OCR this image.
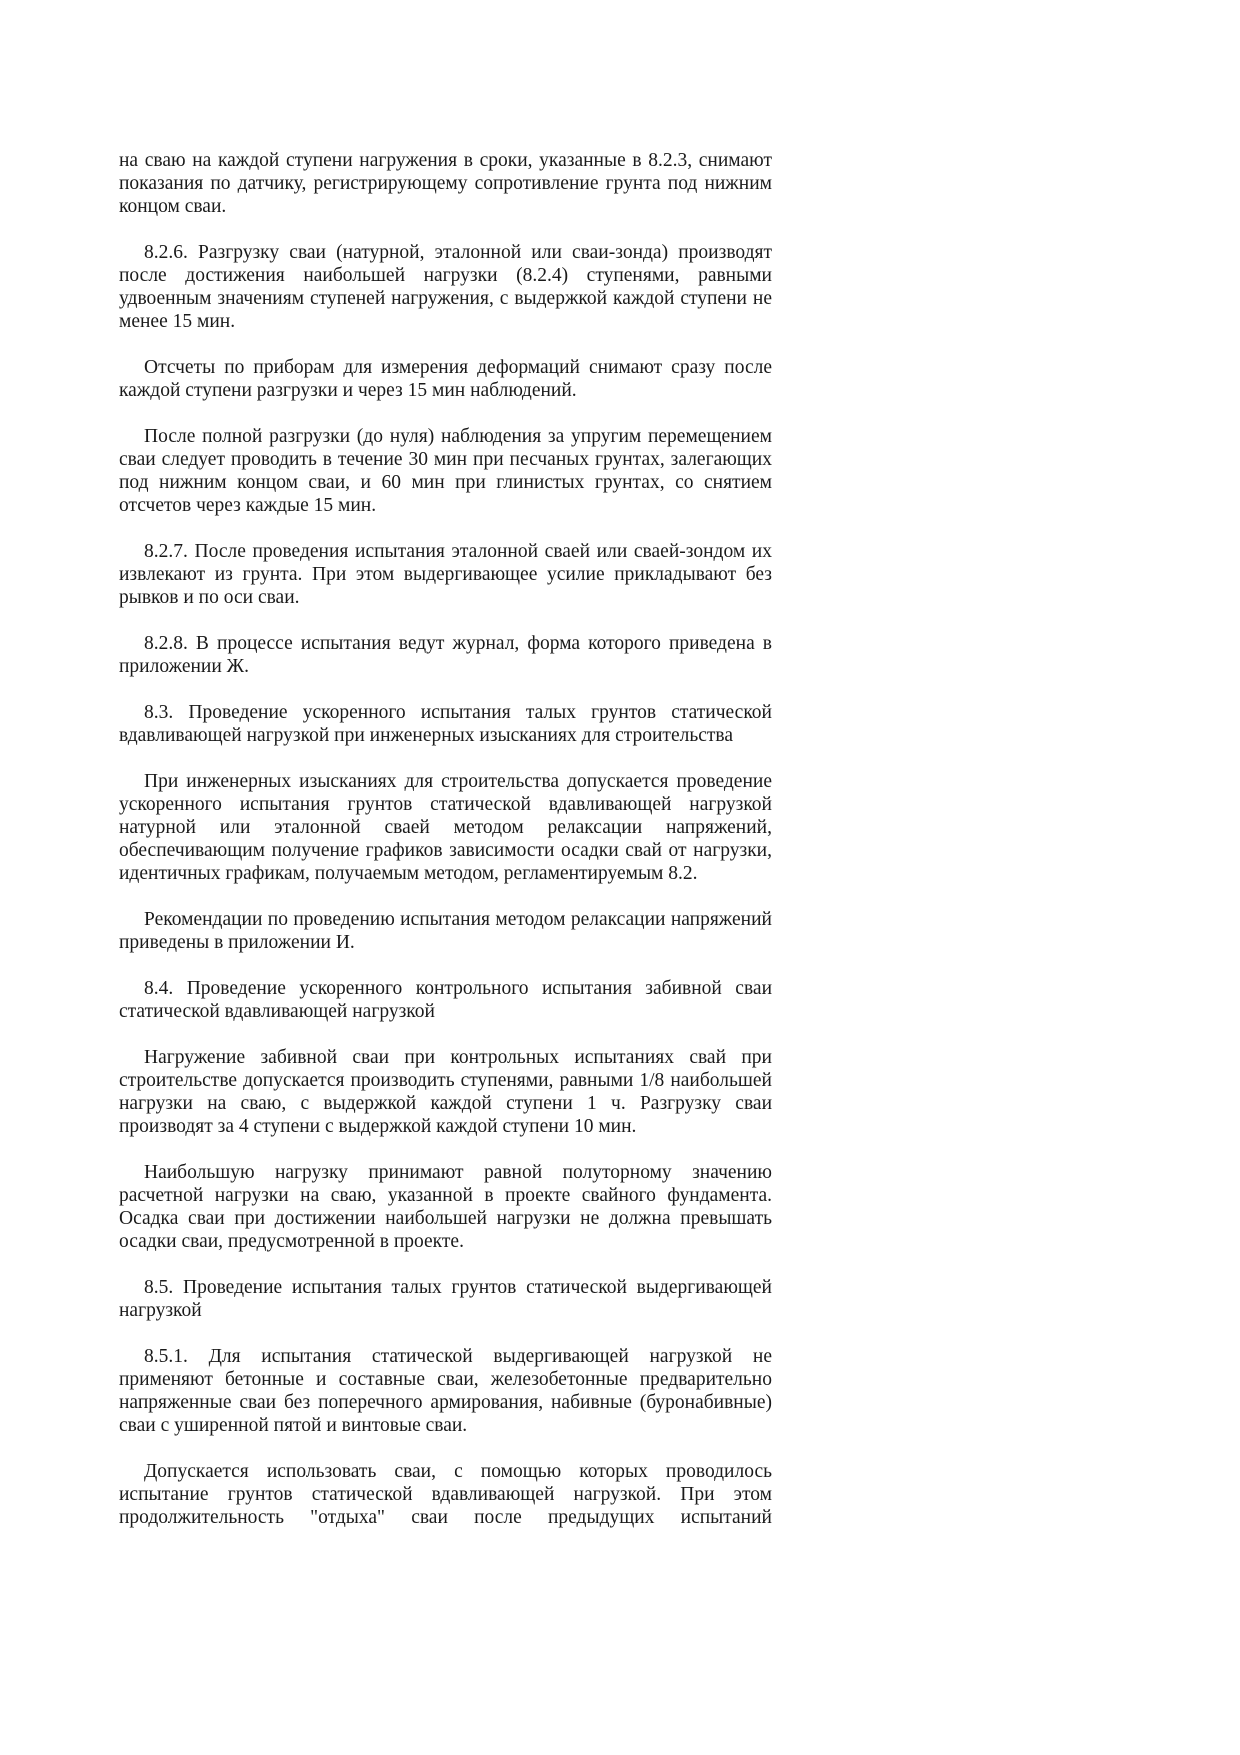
на сваю на каждой ступени нагружения в сроки, указанные в 8.2.3, снимают показания по датчику, регистрирующему сопротивление грунта под нижним концом сваи.

8.2.6. Разгрузку сваи (натурной, эталонной или сваи-зонда) производят после достижения наибольшей нагрузки (8.2.4) ступенями, равными удвоенным значениям ступеней нагружения, с выдержкой каждой ступени не менее 15 мин.

Отсчеты по приборам для измерения деформаций снимают сразу после каждой ступени разгрузки и через 15 мин наблюдений.

После полной разгрузки (до нуля) наблюдения за упругим перемещением сваи следует проводить в течение 30 мин при песчаных грунтах, залегающих под нижним концом сваи, и 60 мин при глинистых грунтах, со снятием отсчетов через каждые 15 мин.

8.2.7. После проведения испытания эталонной сваей или сваей-зондом их извлекают из грунта. При этом выдергивающее усилие прикладывают без рывков и по оси сваи.

8.2.8. В процессе испытания ведут журнал, форма которого приведена в приложении Ж.

8.3. Проведение ускоренного испытания талых грунтов статической вдавливающей нагрузкой при инженерных изысканиях для строительства

При инженерных изысканиях для строительства допускается проведение ускоренного испытания грунтов статической вдавливающей нагрузкой натурной или эталонной сваей методом релаксации напряжений, обеспечивающим получение графиков зависимости осадки свай от нагрузки, идентичных графикам, получаемым методом, регламентируемым 8.2.

Рекомендации по проведению испытания методом релаксации напряжений приведены в приложении И.

8.4. Проведение ускоренного контрольного испытания забивной сваи статической вдавливающей нагрузкой

Нагружение забивной сваи при контрольных испытаниях свай при строительстве допускается производить ступенями, равными 1/8 наибольшей нагрузки на сваю, с выдержкой каждой ступени 1 ч. Разгрузку сваи производят за 4 ступени с выдержкой каждой ступени 10 мин.

Наибольшую нагрузку принимают равной полуторному значению расчетной нагрузки на сваю, указанной в проекте свайного фундамента. Осадка сваи при достижении наибольшей нагрузки не должна превышать осадки сваи, предусмотренной в проекте.

8.5. Проведение испытания талых грунтов статической выдергивающей нагрузкой

8.5.1. Для испытания статической выдергивающей нагрузкой не применяют бетонные и составные сваи, железобетонные предварительно напряженные сваи без поперечного армирования, набивные (буронабивные) сваи с уширенной пятой и винтовые сваи.

Допускается использовать сваи, с помощью которых проводилось испытание грунтов статической вдавливающей нагрузкой. При этом продолжительность "отдыха" сваи после предыдущих испытаний
